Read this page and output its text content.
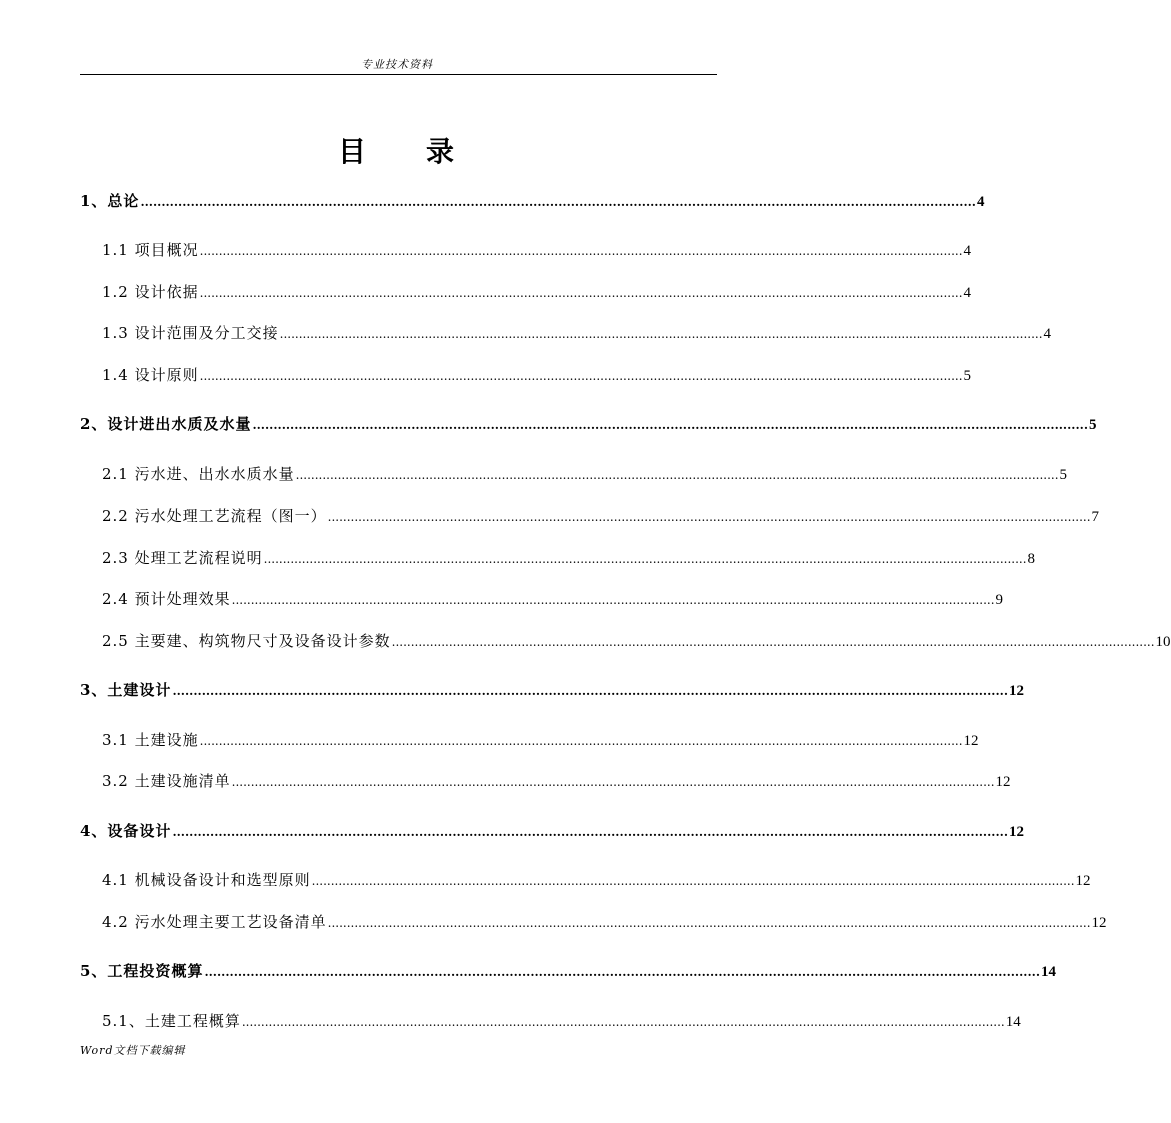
专业技术资料
目 录
1、总论 ........................................................................................................................................................................................................ 4
1.1 项目概况 ........................................................................................................................................................................................................ 4
1.2 设计依据 ........................................................................................................................................................................................................ 4
1.3 设计范围及分工交接 ........................................................................................................................................................................................................ 4
1.4 设计原则 ........................................................................................................................................................................................................ 5
2、设计进出水质及水量 ........................................................................................................................................................................................................ 5
2.1 污水进、出水水质水量 ........................................................................................................................................................................................................ 5
2.2 污水处理工艺流程（图一） ........................................................................................................................................................................................................ 7
2.3 处理工艺流程说明 ........................................................................................................................................................................................................ 8
2.4 预计处理效果 ........................................................................................................................................................................................................ 9
2.5 主要建、构筑物尺寸及设备设计参数 ........................................................................................................................................................................................................ 10
3、土建设计 ........................................................................................................................................................................................................ 12
3.1 土建设施 ........................................................................................................................................................................................................ 12
3.2 土建设施清单 ........................................................................................................................................................................................................ 12
4、设备设计 ........................................................................................................................................................................................................ 12
4.1 机械设备设计和选型原则 ........................................................................................................................................................................................................ 12
4.2 污水处理主要工艺设备清单 ........................................................................................................................................................................................................ 12
5、工程投资概算 ........................................................................................................................................................................................................ 14
5.1、土建工程概算 ........................................................................................................................................................................................................ 14
Word文档下载编辑
